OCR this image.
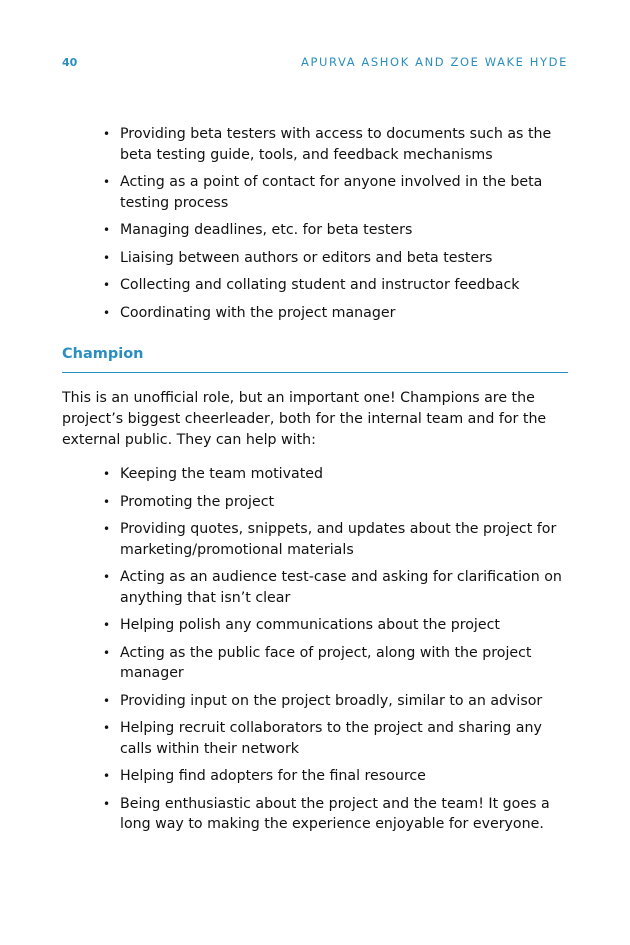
40	APURVA ASHOK AND ZOE WAKE HYDE
• Providing beta testers with access to documents such as the beta testing guide, tools, and feedback mechanisms
• Acting as a point of contact for anyone involved in the beta testing process
• Managing deadlines, etc. for beta testers
• Liaising between authors or editors and beta testers
• Collecting and collating student and instructor feedback
• Coordinating with the project manager
Champion

This is an unofficial role, but an important one! Champions are the project’s biggest cheerleader, both for the internal team and for the external public. They can help with:

• Keeping the team motivated
• Promoting the project
• Providing quotes, snippets, and updates about the project for marketing/promotional materials
• Acting as an audience test-case and asking for clarification on anything that isn’t clear
• Helping polish any communications about the project
• Acting as the public face of project, along with the project manager
• Providing input on the project broadly, similar to an advisor
• Helping recruit collaborators to the project and sharing any calls within their network
• Helping find adopters for the final resource
• Being enthusiastic about the project and the team! It goes a long way to making the experience enjoyable for everyone.
